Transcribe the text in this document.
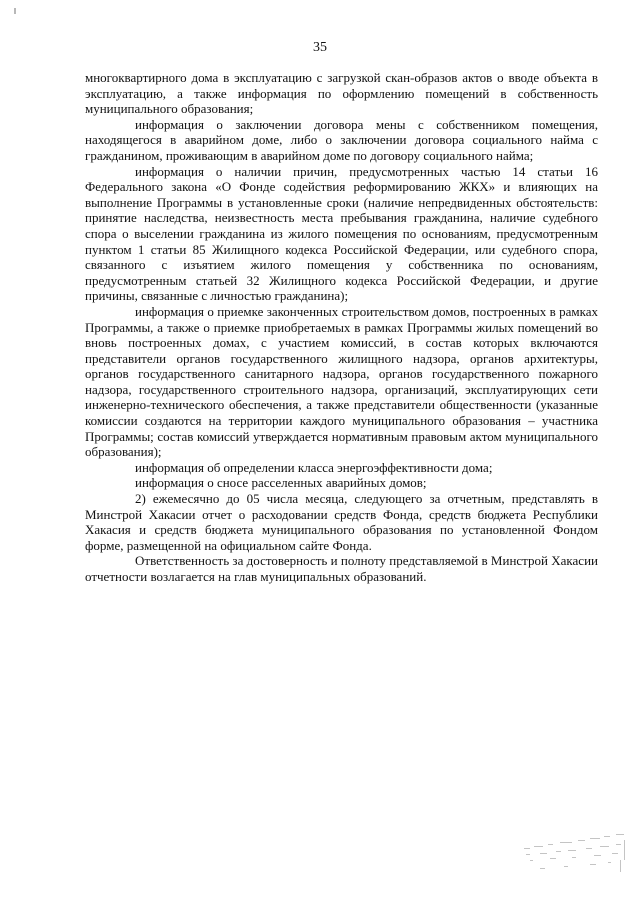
35

многоквартирного дома в эксплуатацию с загрузкой скан-образов актов о вводе объекта в эксплуатацию, а также информация по оформлению помещений в собственность муниципального образования;

информация о заключении договора мены с собственником помещения, находящегося в аварийном доме, либо о заключении договора социального найма с гражданином, проживающим в аварийном доме по договору социального найма;

информация о наличии причин, предусмотренных частью 14 статьи 16 Федерального закона «О Фонде содействия реформированию ЖКХ» и влияющих на выполнение Программы в установленные сроки (наличие непредвиденных обстоятельств: принятие наследства, неизвестность места пребывания гражданина, наличие судебного спора о выселении гражданина из жилого помещения по основаниям, предусмотренным пунктом 1 статьи 85 Жилищного кодекса Российской Федерации, или судебного спора, связанного с изъятием жилого помещения у собственника по основаниям, предусмотренным статьей 32 Жилищного кодекса Российской Федерации, и другие причины, связанные с личностью гражданина);

информация о приемке законченных строительством домов, построенных в рамках Программы, а также о приемке приобретаемых в рамках Программы жилых помещений во вновь построенных домах, с участием комиссий, в состав которых включаются представители органов государственного жилищного надзора, органов архитектуры, органов государственного санитарного надзора, органов государственного пожарного надзора, государственного строительного надзора, организаций, эксплуатирующих сети инженерно-технического обеспечения, а также представители общественности (указанные комиссии создаются на территории каждого муниципального образования – участника Программы; состав комиссий утверждается нормативным правовым актом муниципального образования);

информация об определении класса энергоэффективности дома;

информация о сносе расселенных аварийных домов;

2) ежемесячно до 05 числа месяца, следующего за отчетным, представлять в Минстрой Хакасии отчет о расходовании средств Фонда, средств бюджета Республики Хакасия и средств бюджета муниципального образования по установленной Фондом форме, размещенной на официальном сайте Фонда.

Ответственность за достоверность и полноту представляемой в Минстрой Хакасии отчетности возлагается на глав муниципальных образований.
